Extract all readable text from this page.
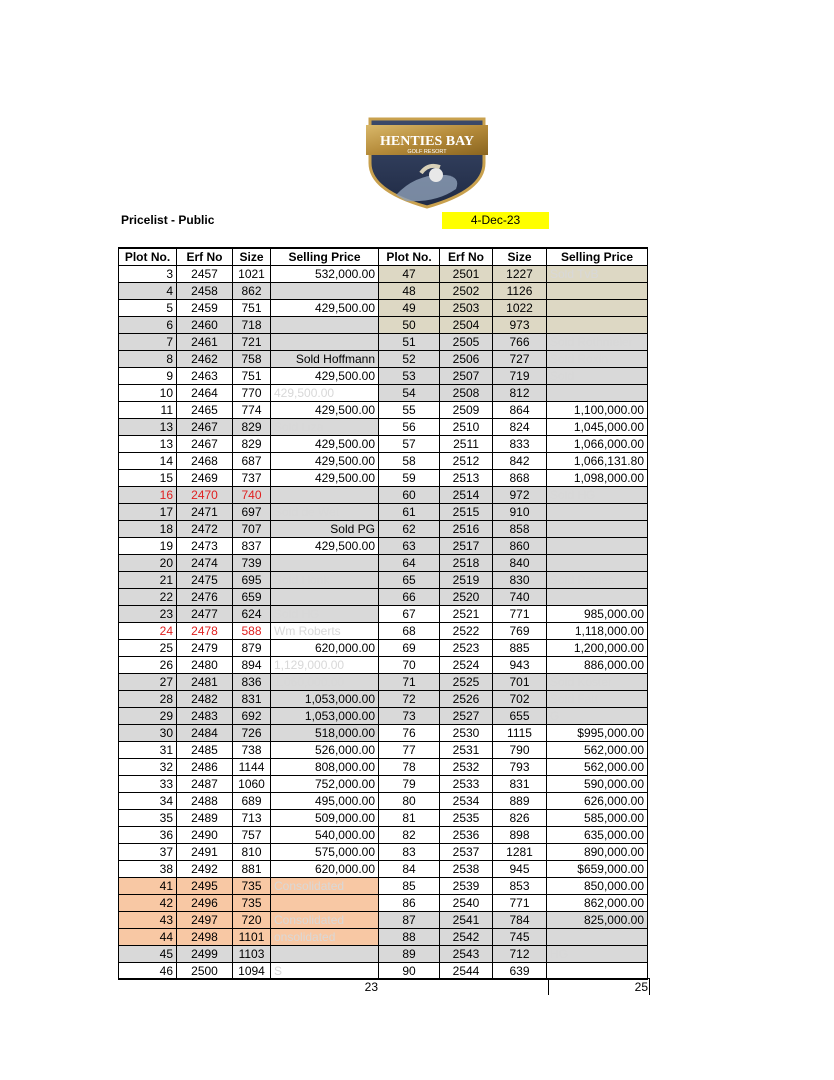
HENTIES BAY
GOLF RESORT
Pricelist - Public	4-Dec-23
Plot No.	Erf No	Size	Selling Price	Plot No.	Erf No	Size	Selling Price
3	2457	1021	532,000.00	47	2501	1227	Sold TvB
4	2458	862		48	2502	1126	
5	2459	751	429,500.00	49	2503	1022	
6	2460	718		50	2504	973	
7	2461	721		51	2505	766	Sold Rothmeier
8	2462	758	Sold Hoffmann	52	2506	727	Sold Roxin
9	2463	751	429,500.00	53	2507	719	Sold
10	2464	770	429,500.00	54	2508	812	
11	2465	774	429,500.00	55	2509	864	1,100,000.00
13	2467	829	Sold Liza	56	2510	824	1,045,000.00
13	2467	829	429,500.00	57	2511	833	1,066,000.00
14	2468	687	429,500.00	58	2512	842	1,066,131.80
15	2469	737	429,500.00	59	2513	868	1,098,000.00
16	2470	740		60	2514	972	Sold HG
17	2471	697	Sold de Wet	61	2515	910	
18	2472	707	Sold PG	62	2516	858	
19	2473	837	429,500.00	63	2517	860	
20	2474	739		64	2518	840	
21	2475	695	Sold Honk	65	2519	830	Sold Paines
22	2476	659		66	2520	740	
23	2477	624	Sold HG	67	2521	771	985,000.00
24	2478	588	Wm Roberts	68	2522	769	1,118,000.00
25	2479	879	620,000.00	69	2523	885	1,200,000.00
26	2480	894	1,129,000.00	70	2524	943	886,000.00
27	2481	836	1,060,000.00	71	2525	701	Sold Koster
28	2482	831	1,053,000.00	72	2526	702	Sold Fatt
29	2483	692	1,053,000.00	73	2527	655	G
30	2484	726	518,000.00	76	2530	1115	$995,000.00
31	2485	738	526,000.00	77	2531	790	562,000.00
32	2486	1144	808,000.00	78	2532	793	562,000.00
33	2487	1060	752,000.00	79	2533	831	590,000.00
34	2488	689	495,000.00	80	2534	889	626,000.00
35	2489	713	509,000.00	81	2535	826	585,000.00
36	2490	757	540,000.00	82	2536	898	635,000.00
37	2491	810	575,000.00	83	2537	1281	890,000.00
38	2492	881	620,000.00	84	2538	945	$659,000.00
41	2495	735	Consolidated	85	2539	853	850,000.00
42	2496	735		86	2540	771	862,000.00
43	2497	720	Consolidated	87	2541	784	825,000.00
44	2498	1101	onsolidated	88	2542	745	
45	2499	1103		89	2543	712	HG
46	2500	1094	S	90	2544	639	
23	25
